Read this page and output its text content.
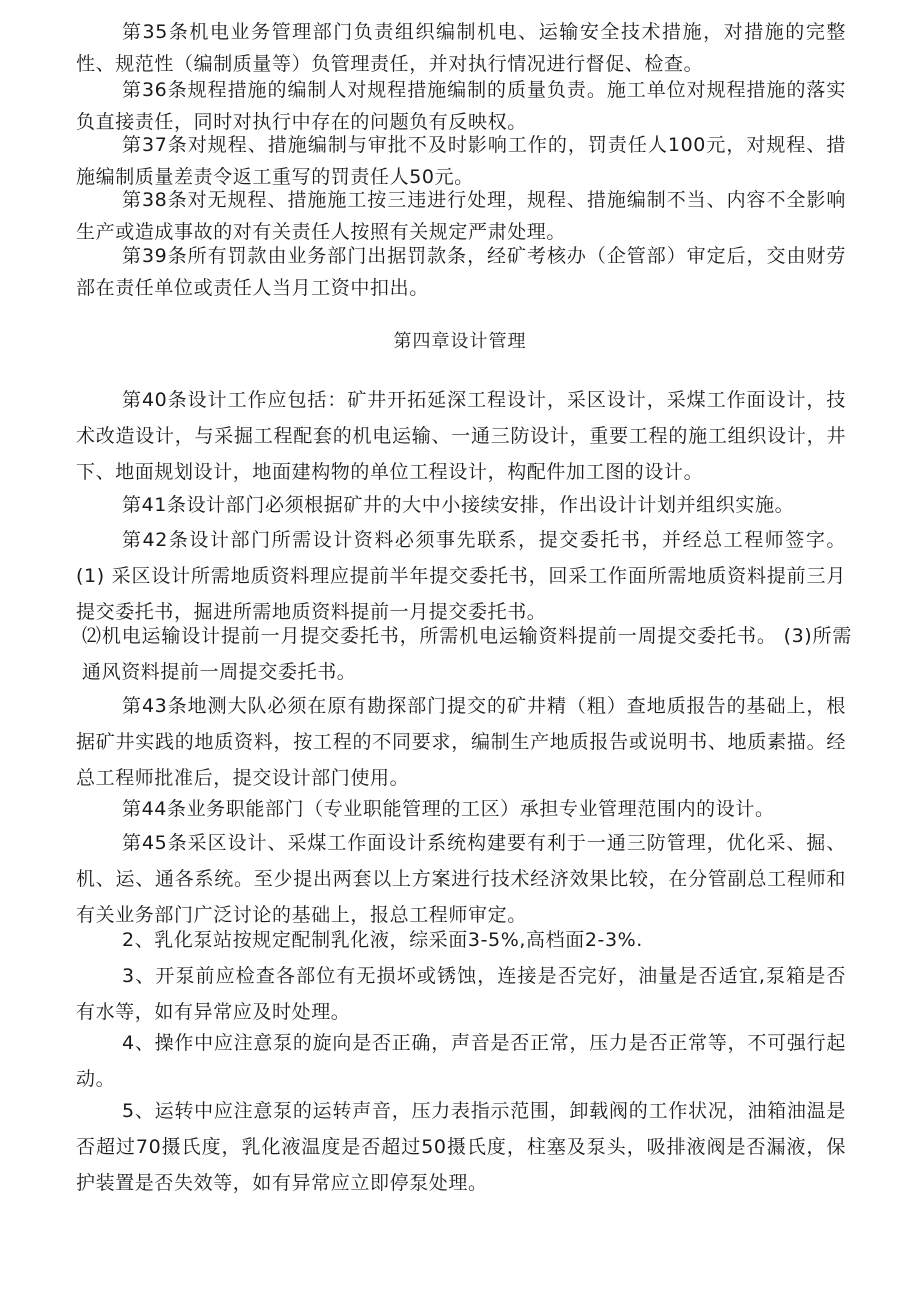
第35条机电业务管理部门负责组织编制机电、运输安全技术措施，对措施的完整性、规范性（编制质量等）负管理责任，并对执行情况进行督促、检查。

第36条规程措施的编制人对规程措施编制的质量负责。施工单位对规程措施的落实负直接责任，同时对执行中存在的问题负有反映权。

第37条对规程、措施编制与审批不及时影响工作的，罚责任人100元，对规程、措施编制质量差责令返工重写的罚责任人50元。

第38条对无规程、措施施工按三违进行处理，规程、措施编制不当、内容不全影响生产或造成事故的对有关责任人按照有关规定严肃处理。

第39条所有罚款由业务部门出据罚款条，经矿考核办（企管部）审定后，交由财劳部在责任单位或责任人当月工资中扣出。

第四章设计管理

第40条设计工作应包括：矿井开拓延深工程设计，采区设计，采煤工作面设计，技术改造设计，与采掘工程配套的机电运输、一通三防设计，重要工程的施工组织设计，井下、地面规划设计，地面建构物的单位工程设计，构配件加工图的设计。

第41条设计部门必须根据矿井的大中小接续安排，作出设计计划并组织实施。

第42条设计部门所需设计资料必须事先联系，提交委托书，并经总工程师签字。 (1) 采区设计所需地质资料理应提前半年提交委托书，回采工作面所需地质资料提前三月提交委托书，掘进所需地质资料提前一月提交委托书。

⑵机电运输设计提前一月提交委托书，所需机电运输资料提前一周提交委托书。 (3)所需通风资料提前一周提交委托书。

第43条地测大队必须在原有勘探部门提交的矿井精（粗）查地质报告的基础上，根据矿井实践的地质资料，按工程的不同要求，编制生产地质报告或说明书、地质素描。经总工程师批准后，提交设计部门使用。

第44条业务职能部门（专业职能管理的工区）承担专业管理范围内的设计。

第45条采区设计、采煤工作面设计系统构建要有利于一通三防管理，优化采、掘、机、运、通各系统。至少提出两套以上方案进行技术经济效果比较，在分管副总工程师和有关业务部门广泛讨论的基础上，报总工程师审定。

2、乳化泵站按规定配制乳化液，综采面3-5%,高档面2-3%.

3、开泵前应检查各部位有无损坏或锈蚀，连接是否完好，油量是否适宜,泵箱是否有水等，如有异常应及时处理。

4、操作中应注意泵的旋向是否正确，声音是否正常，压力是否正常等，不可强行起动。

5、运转中应注意泵的运转声音，压力表指示范围，卸载阀的工作状况，油箱油温是否超过70摄氏度，乳化液温度是否超过50摄氏度，柱塞及泵头，吸排液阀是否漏液，保护装置是否失效等，如有异常应立即停泵处理。
